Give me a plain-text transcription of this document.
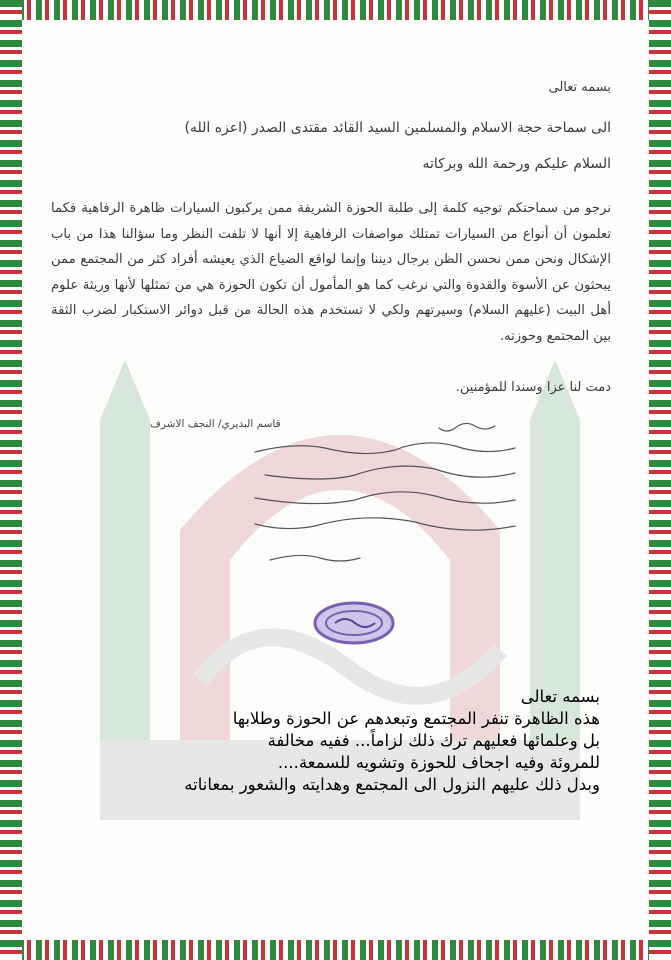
بسمه تعالى
الى سماحة حجة الاسلام والمسلمين السيد القائد مقتدى الصدر (اعزه الله)
السلام عليكم ورحمة الله وبركاته
نرجو من سماحتكم توجيه كلمة إلى طلبة الحوزة الشريفة ممن يركبون السيارات ظاهرة الرفاهية فكما تعلمون أن أنواع من السيارات تمتلك مواصفات الرفاهية إلا أنها لا تلفت النظر وما سؤالنا هذا من باب الإشكال ونحن ممن نحسن الظن برجال ديننا وإنما لواقع الضياع الذي يعيشه أفراد كثر من المجتمع ممن يبحثون عن الأسوة والقدوة والتي نرغب كما هو المأمول أن تكون الحوزة هي من تمثلها لأنها وريثة علوم أهل البيت (عليهم السلام) وسيرتهم ولكي لا تستخدم هذه الحالة من قبل دوائر الاستكبار لضرب الثقة بين المجتمع وحوزته.
دمت لنا عزا وسندا للمؤمنين.
قاسم البديري/ النجف الاشرف
بسمه تعالى
هذه الظاهرة تنفر المجتمع وتبعدهم عن الحوزة وطلابها
بل وعلمائها فعليهم ترك ذلك لزاماً... ففيه مخالفة
للمروئة وفيه اجحاف للحوزة وتشويه للسمعة....
وبدل ذلك عليهم النزول الى المجتمع وهدايته والشعور بمعاناته
